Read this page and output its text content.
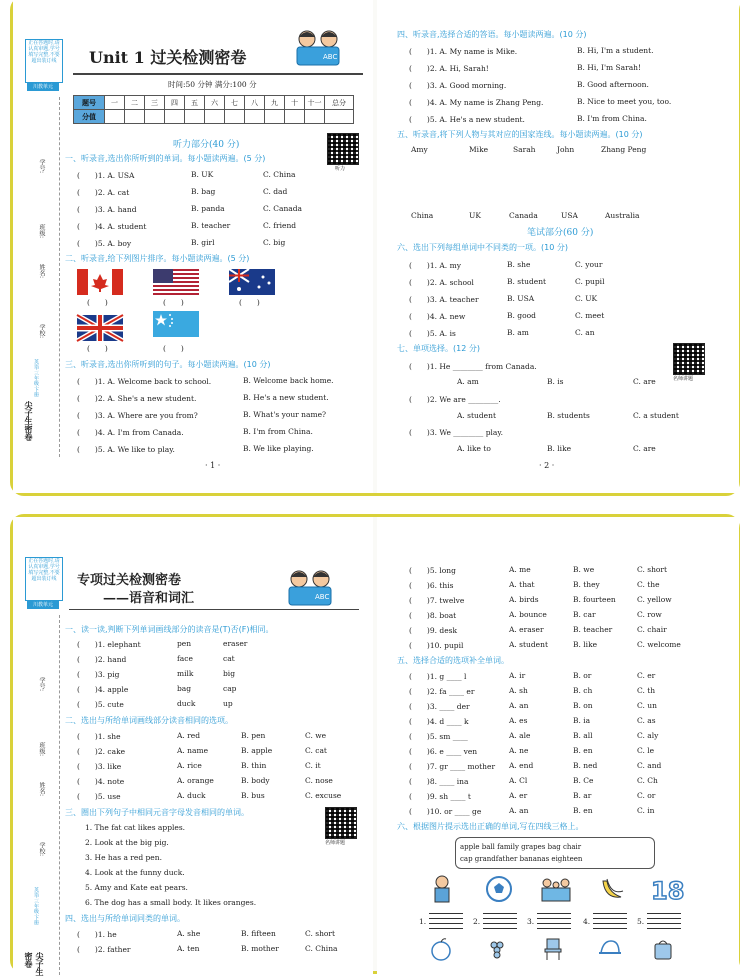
正在答题时,请认真审题,学号填写完整,不要超出装订线
川教单元
学号:
班级:
姓名:
学校:
英语·三年级·下册
尖子生密卷
Unit 1 过关检测密卷	ABC
时间:50 分钟 满分:100 分
题号	一	二	三	四	五	六	七	八	九	十	十一	总分
分值												
听力部分(40 分)
听力
一、听录音,选出你所听到的单词。每小题读两遍。(5 分)
(　　)1. A. USA	B. UK	C. China
(　　)2. A. cat	B. bag	C. dad
(　　)3. A. hand	B. panda	C. Canada
(　　)4. A. student	B. teacher	C. friend
(　　)5. A. boy	B. girl	C. big
二、听录音,给下列图片排序。每小题读两遍。(5 分)
(　　)	(　　)	(　　)
(　　)	(　　)
三、听录音,选出你所听到的句子。每小题读两遍。(10 分)
(　　)1. A. Welcome back to school.	B. Welcome back home.
(　　)2. A. She's a new student.	B. He's a new student.
(　　)3. A. Where are you from?	B. What's your name?
(　　)4. A. I'm from Canada.	B. I'm from China.
(　　)5. A. We like to play.	B. We like playing.
· 1 ·
四、听录音,选择合适的答语。每小题读两遍。(10 分)
(　　)1. A. My name is Mike.	B. Hi, I'm a student.
(　　)2. A. Hi, Sarah!	B. Hi, I'm Sarah!
(　　)3. A. Good morning.	B. Good afternoon.
(　　)4. A. My name is Zhang Peng.	B. Nice to meet you, too.
(　　)5. A. He's a new student.	B. I'm from China.
五、听录音,将下列人物与其对应的国家连线。每小题读两遍。(10 分)
Amy	Mike	Sarah	John	Zhang Peng
China	UK	Canada	USA	Australia
笔试部分(60 分)
六、选出下列每组单词中不同类的一项。(10 分)
(　　)1. A. my	B. she	C. your
(　　)2. A. school	B. student	C. pupil
(　　)3. A. teacher	B. USA	C. UK
(　　)4. A. new	B. good	C. meet
(　　)5. A. is	B. am	C. an
七、单项选择。(12 分)
名师讲题
(　　)1. He ________ from Canada.
A. am	B. is	C. are
(　　)2. We are ________.
A. student	B. students	C. a student
(　　)3. We ________ play.
A. like to	B. like	C. are
· 2 ·
正在答题时,请认真审题,学号填写完整,不要超出装订线
川教单元
学号:
班级:
姓名:
学校:
英语·三年级·下册
尖子生密卷
专项过关检测密卷
——语音和词汇	ABC
一、读一读,判断下列单词画线部分的读音是(T)否(F)相同。
(　　)1. elephant	pen	eraser
(　　)2. hand	face	cat
(　　)3. pig	milk	big
(　　)4. apple	bag	cap
(　　)5. cute	duck	up
二、选出与所给单词画线部分读音相同的选项。
(　　)1. she	A. red	B. pen	C. we
(　　)2. cake	A. name	B. apple	C. cat
(　　)3. like	A. rice	B. thin	C. it
(　　)4. note	A. orange	B. body	C. nose
(　　)5. use	A. duck	B. bus	C. excuse
三、圈出下列句子中相同元音字母发音相同的单词。
名师讲题
1. The fat cat likes apples.
2. Look at the big pig.
3. He has a red pen.
4. Look at the funny duck.
5. Amy and Kate eat pears.
6. The dog has a small body. It likes oranges.
四、选出与所给单词同类的单词。
(　　)1. he	A. she	B. fifteen	C. short
(　　)2. father	A. ten	B. mother	C. China
(　　)5. long	A. me	B. we	C. short
(　　)6. this	A. that	B. they	C. the
(　　)7. twelve	A. birds	B. fourteen	C. yellow
(　　)8. boat	A. bounce	B. car	C. row
(　　)9. desk	A. eraser	B. teacher	C. chair
(　　)10. pupil	A. student	B. like	C. welcome
五、选择合适的选项补全单词。
(　　)1. g ____ l	A. ir	B. or	C. er
(　　)2. fa ____ er	A. sh	B. ch	C. th
(　　)3. ____ der	A. an	B. on	C. un
(　　)4. d ____ k	A. es	B. ia	C. as
(　　)5. sm ____	A. ale	B. all	C. aly
(　　)6. e ____ ven	A. ne	B. en	C. le
(　　)7. gr ____ mother A. end	B. ned	C. and
(　　)8. ____ ina	A. Cl	B. Ce	C. Ch
(　　)9. sh ____ t	A. er	B. ar	C. or
(　　)10. or ____ ge	A. an	B. en	C. in
六、根据图片提示选出正确的单词,写在四线三格上。
apple ball family grapes bag chair
cap grandfather bananas eighteen
18
1.	2.	3.	4.	5.
